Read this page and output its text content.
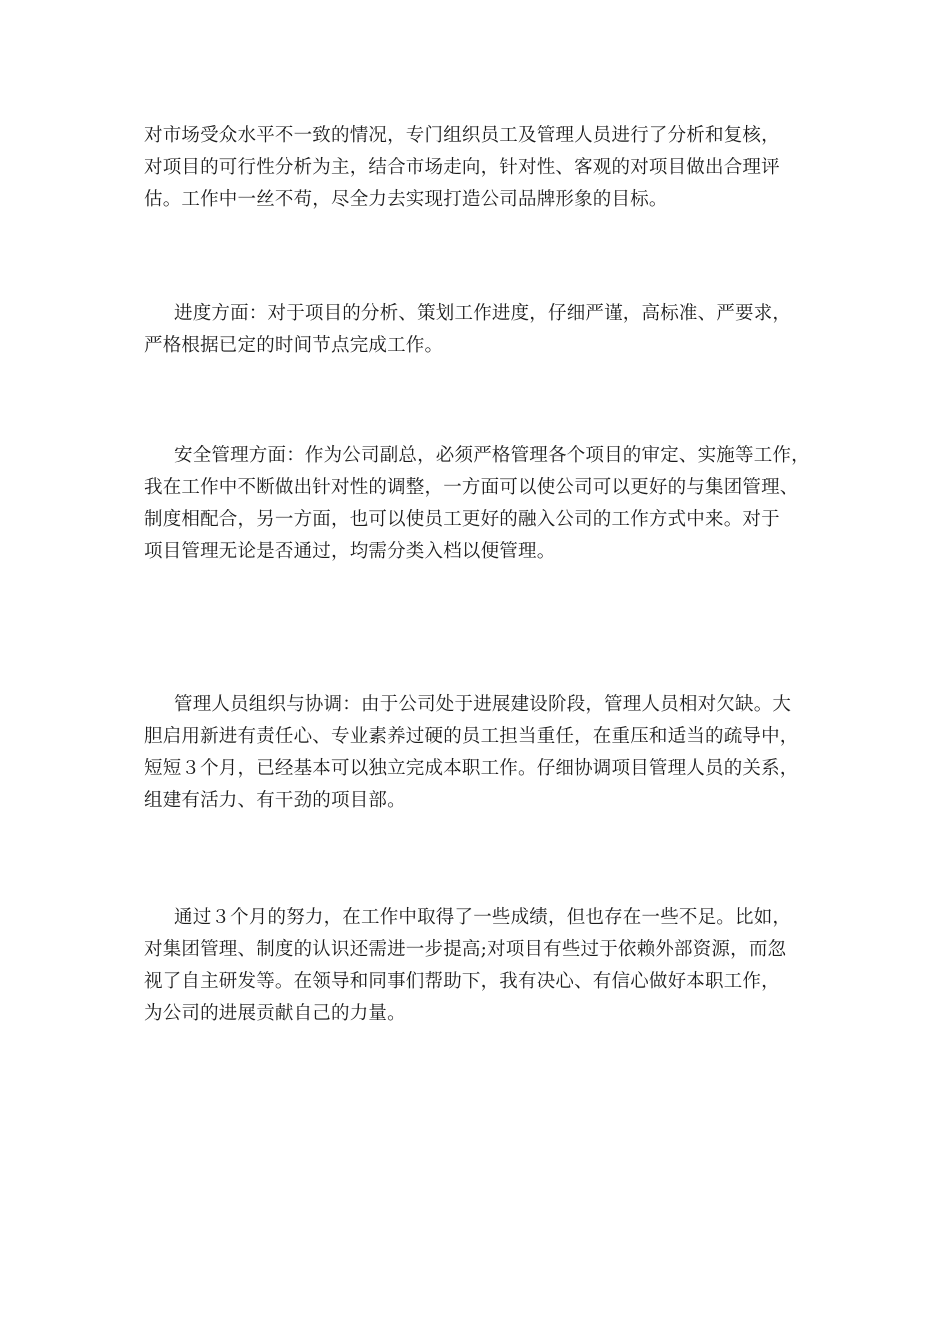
对市场受众水平不一致的情况，专门组织员工及管理人员进行了分析和复核，
对项目的可行性分析为主，结合市场走向，针对性、客观的对项目做出合理评
估。工作中一丝不苟，尽全力去实现打造公司品牌形象的目标。
进度方面：对于项目的分析、策划工作进度，仔细严谨，高标准、严要求，
严格根据已定的时间节点完成工作。
安全管理方面：作为公司副总，必须严格管理各个项目的审定、实施等工作，
我在工作中不断做出针对性的调整，一方面可以使公司可以更好的与集团管理、
制度相配合，另一方面，也可以使员工更好的融入公司的工作方式中来。对于
项目管理无论是否通过，均需分类入档以便管理。
管理人员组织与协调：由于公司处于进展建设阶段，管理人员相对欠缺。大
胆启用新进有责任心、专业素养过硬的员工担当重任，在重压和适当的疏导中，
短短３个月，已经基本可以独立完成本职工作。仔细协调项目管理人员的关系，
组建有活力、有干劲的项目部。
通过３个月的努力，在工作中取得了一些成绩，但也存在一些不足。比如，
对集团管理、制度的认识还需进一步提高;对项目有些过于依赖外部资源，而忽
视了自主研发等。在领导和同事们帮助下，我有决心、有信心做好本职工作，
为公司的进展贡献自己的力量。
